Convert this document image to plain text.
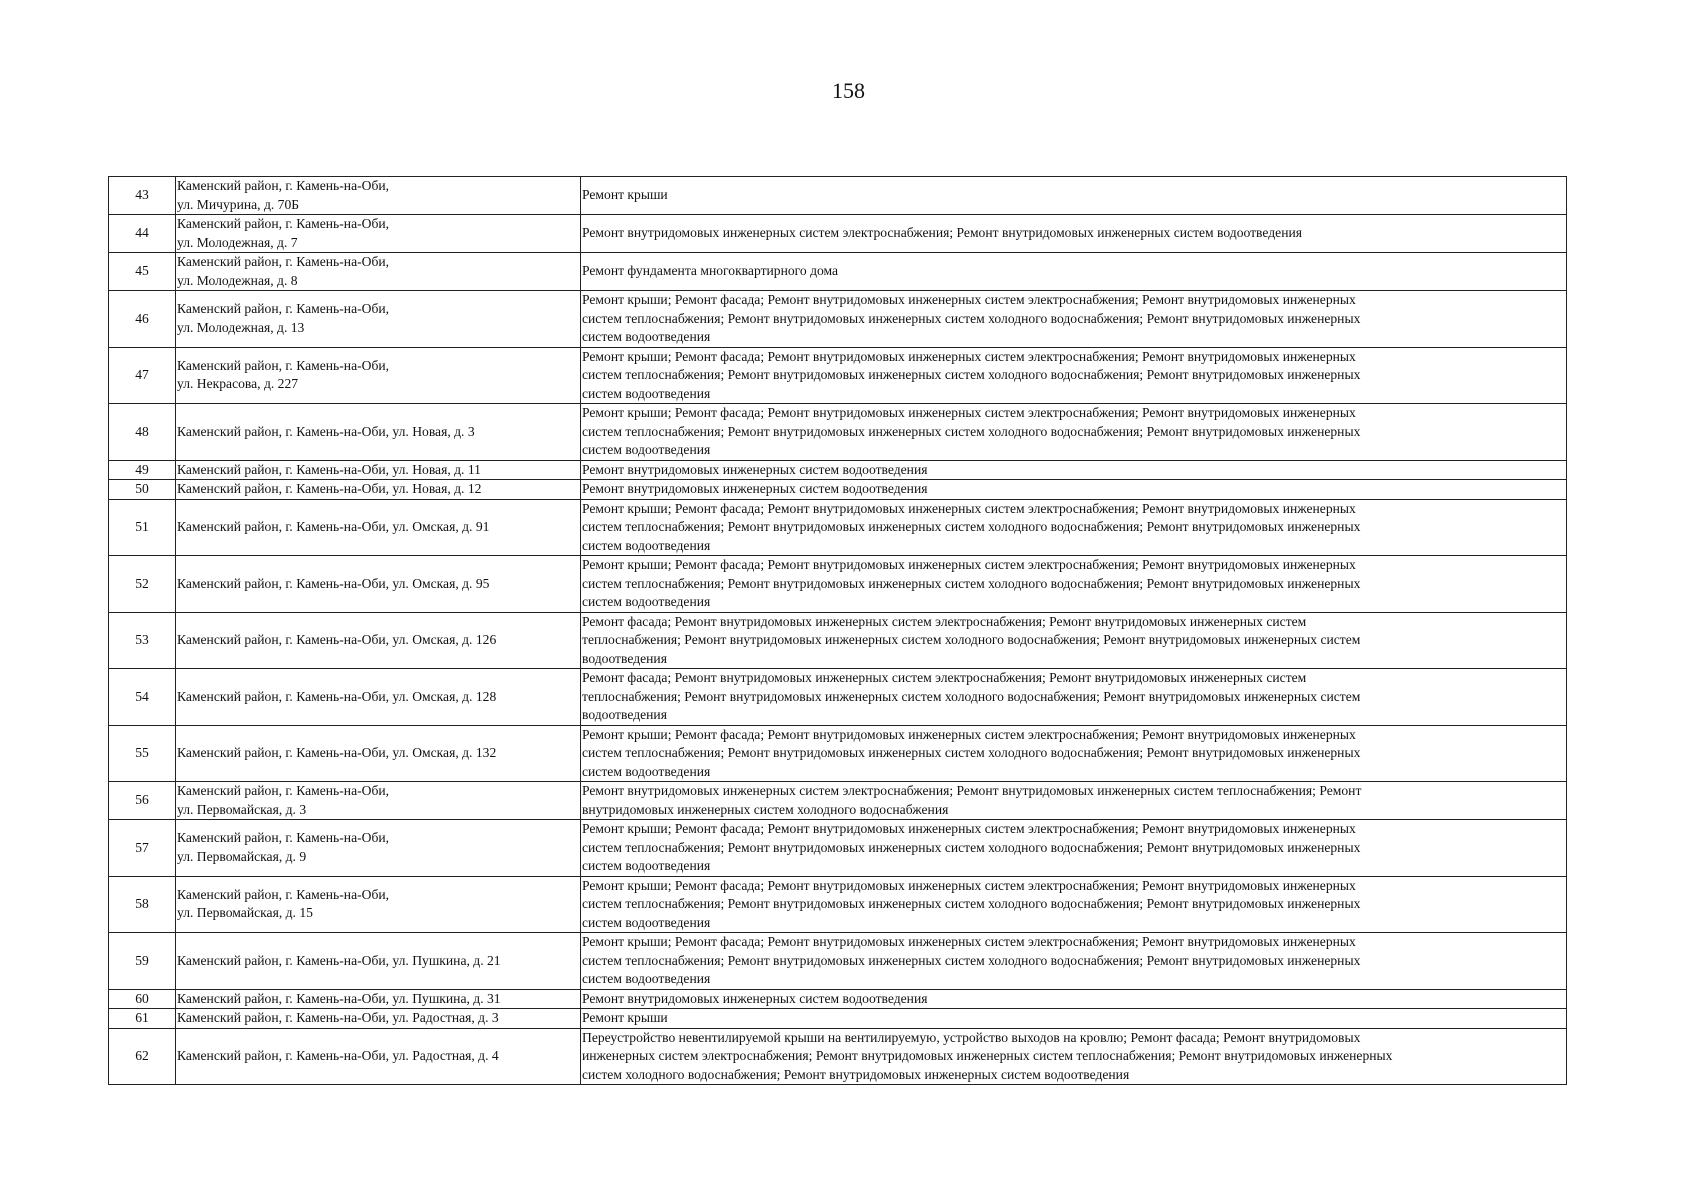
158
43	Каменский район, г. Камень-на-Оби,
ул. Мичурина, д. 70Б	Ремонт крыши
44	Каменский район, г. Камень-на-Оби,
ул. Молодежная, д. 7	Ремонт внутридомовых инженерных систем электроснабжения; Ремонт внутридомовых инженерных систем водоотведения
45	Каменский район, г. Камень-на-Оби,
ул. Молодежная, д. 8	Ремонт фундамента многоквартирного дома
46	Каменский район, г. Камень-на-Оби,
ул. Молодежная, д. 13	Ремонт крыши; Ремонт фасада; Ремонт внутридомовых инженерных систем электроснабжения; Ремонт внутридомовых инженерных
систем теплоснабжения; Ремонт внутридомовых инженерных систем холодного водоснабжения; Ремонт внутридомовых инженерных
систем водоотведения
47	Каменский район, г. Камень-на-Оби,
ул. Некрасова, д. 227	Ремонт крыши; Ремонт фасада; Ремонт внутридомовых инженерных систем электроснабжения; Ремонт внутридомовых инженерных
систем теплоснабжения; Ремонт внутридомовых инженерных систем холодного водоснабжения; Ремонт внутридомовых инженерных
систем водоотведения
48	Каменский район, г. Камень-на-Оби, ул. Новая, д. 3	Ремонт крыши; Ремонт фасада; Ремонт внутридомовых инженерных систем электроснабжения; Ремонт внутридомовых инженерных
систем теплоснабжения; Ремонт внутридомовых инженерных систем холодного водоснабжения; Ремонт внутридомовых инженерных
систем водоотведения
49	Каменский район, г. Камень-на-Оби, ул. Новая, д. 11	Ремонт внутридомовых инженерных систем водоотведения
50	Каменский район, г. Камень-на-Оби, ул. Новая, д. 12	Ремонт внутридомовых инженерных систем водоотведения
51	Каменский район, г. Камень-на-Оби, ул. Омская, д. 91	Ремонт крыши; Ремонт фасада; Ремонт внутридомовых инженерных систем электроснабжения; Ремонт внутридомовых инженерных
систем теплоснабжения; Ремонт внутридомовых инженерных систем холодного водоснабжения; Ремонт внутридомовых инженерных
систем водоотведения
52	Каменский район, г. Камень-на-Оби, ул. Омская, д. 95	Ремонт крыши; Ремонт фасада; Ремонт внутридомовых инженерных систем электроснабжения; Ремонт внутридомовых инженерных
систем теплоснабжения; Ремонт внутридомовых инженерных систем холодного водоснабжения; Ремонт внутридомовых инженерных
систем водоотведения
53	Каменский район, г. Камень-на-Оби, ул. Омская, д. 126	Ремонт фасада; Ремонт внутридомовых инженерных систем электроснабжения; Ремонт внутридомовых инженерных систем
теплоснабжения; Ремонт внутридомовых инженерных систем холодного водоснабжения; Ремонт внутридомовых инженерных систем
водоотведения
54	Каменский район, г. Камень-на-Оби, ул. Омская, д. 128	Ремонт фасада; Ремонт внутридомовых инженерных систем электроснабжения; Ремонт внутридомовых инженерных систем
теплоснабжения; Ремонт внутридомовых инженерных систем холодного водоснабжения; Ремонт внутридомовых инженерных систем
водоотведения
55	Каменский район, г. Камень-на-Оби, ул. Омская, д. 132	Ремонт крыши; Ремонт фасада; Ремонт внутридомовых инженерных систем электроснабжения; Ремонт внутридомовых инженерных
систем теплоснабжения; Ремонт внутридомовых инженерных систем холодного водоснабжения; Ремонт внутридомовых инженерных
систем водоотведения
56	Каменский район, г. Камень-на-Оби,
ул. Первомайская, д. 3	Ремонт внутридомовых инженерных систем электроснабжения; Ремонт внутридомовых инженерных систем теплоснабжения; Ремонт
внутридомовых инженерных систем холодного водоснабжения
57	Каменский район, г. Камень-на-Оби,
ул. Первомайская, д. 9	Ремонт крыши; Ремонт фасада; Ремонт внутридомовых инженерных систем электроснабжения; Ремонт внутридомовых инженерных
систем теплоснабжения; Ремонт внутридомовых инженерных систем холодного водоснабжения; Ремонт внутридомовых инженерных
систем водоотведения
58	Каменский район, г. Камень-на-Оби,
ул. Первомайская, д. 15	Ремонт крыши; Ремонт фасада; Ремонт внутридомовых инженерных систем электроснабжения; Ремонт внутридомовых инженерных
систем теплоснабжения; Ремонт внутридомовых инженерных систем холодного водоснабжения; Ремонт внутридомовых инженерных
систем водоотведения
59	Каменский район, г. Камень-на-Оби, ул. Пушкина, д. 21	Ремонт крыши; Ремонт фасада; Ремонт внутридомовых инженерных систем электроснабжения; Ремонт внутридомовых инженерных
систем теплоснабжения; Ремонт внутридомовых инженерных систем холодного водоснабжения; Ремонт внутридомовых инженерных
систем водоотведения
60	Каменский район, г. Камень-на-Оби, ул. Пушкина, д. 31	Ремонт внутридомовых инженерных систем водоотведения
61	Каменский район, г. Камень-на-Оби, ул. Радостная, д. 3	Ремонт крыши
62	Каменский район, г. Камень-на-Оби, ул. Радостная, д. 4	Переустройство невентилируемой крыши на вентилируемую, устройство выходов на кровлю; Ремонт фасада; Ремонт внутридомовых
инженерных систем электроснабжения; Ремонт внутридомовых инженерных систем теплоснабжения; Ремонт внутридомовых инженерных
систем холодного водоснабжения; Ремонт внутридомовых инженерных систем водоотведения
